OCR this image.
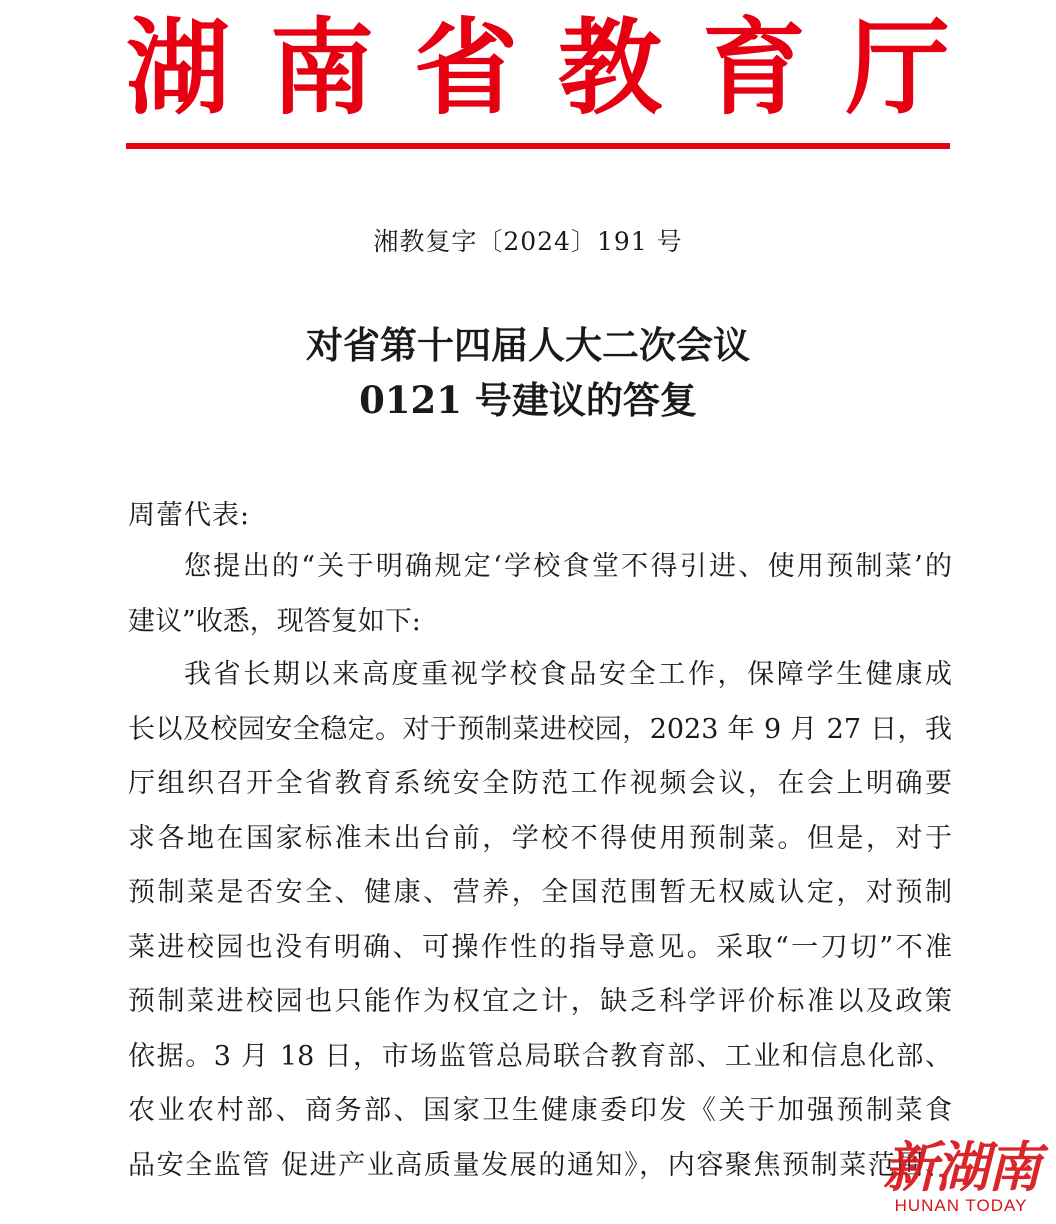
湖 南 省 教 育 厅
湘教复字〔2024〕191 号
对省第十四届人大二次会议
0121 号建议的答复
周蕾代表:
您提出的“关于明确规定‘学校食堂不得引进、使用预制菜’的
建议”收悉，现答复如下:
我省长期以来高度重视学校食品安全工作，保障学生健康成
长以及校园安全稳定。对于预制菜进校园，2023 年 9 月 27 日，我
厅组织召开全省教育系统安全防范工作视频会议，在会上明确要
求各地在国家标准未出台前，学校不得使用预制菜。但是，对于
预制菜是否安全、健康、营养，全国范围暂无权威认定，对预制
菜进校园也没有明确、可操作性的指导意见。采取“一刀切”不准
预制菜进校园也只能作为权宜之计，缺乏科学评价标准以及政策
依据。3 月 18 日，市场监管总局联合教育部、工业和信息化部、
农业农村部、商务部、国家卫生健康委印发《关于加强预制菜食
品安全监管 促进产业高质量发展的通知》，内容聚焦预制菜范围、
新湖南
HUNAN TODAY
